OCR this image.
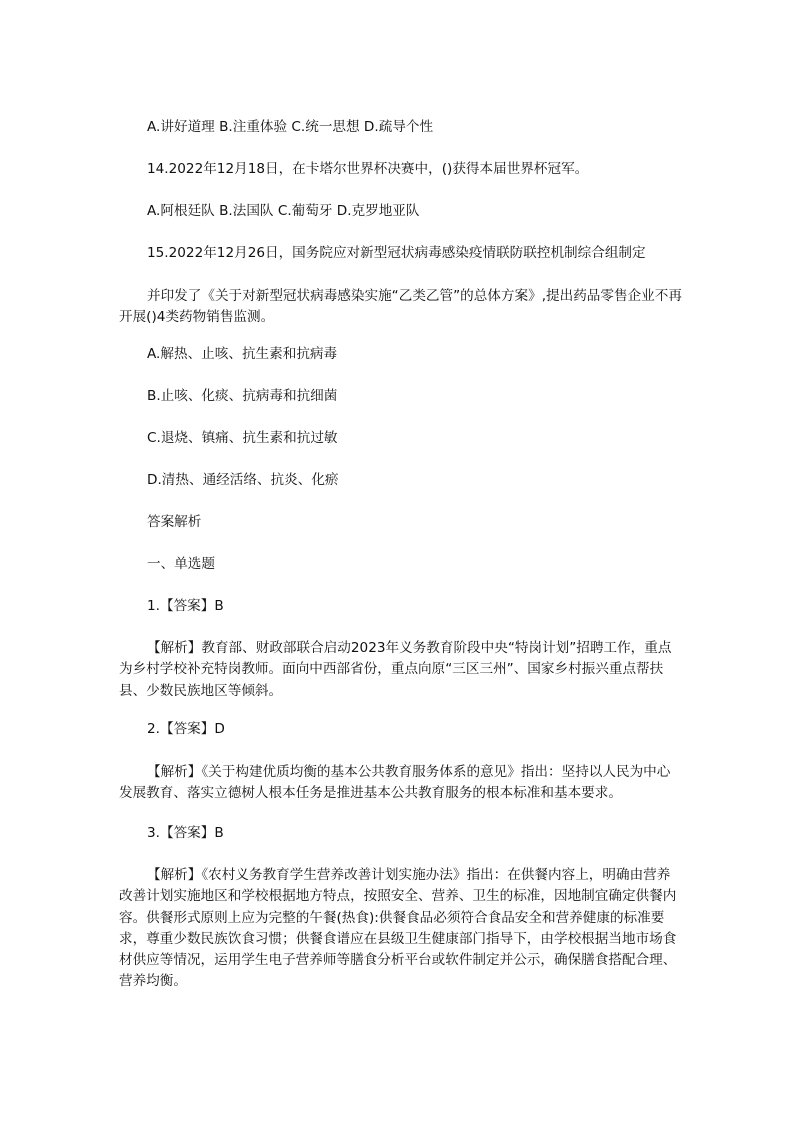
A.讲好道理 B.注重体验 C.统一思想 D.疏导个性

14.2022年12月18日，在卡塔尔世界杯决赛中，()获得本届世界杯冠军。

A.阿根廷队 B.法国队 C.葡萄牙 D.克罗地亚队

15.2022年12月26日，国务院应对新型冠状病毒感染疫情联防联控机制综合组制定

并印发了《关于对新型冠状病毒感染实施“乙类乙管”的总体方案》,提出药品零售企业不再开展()4类药物销售监测。

A.解热、止咳、抗生素和抗病毒

B.止咳、化痰、抗病毒和抗细菌

C.退烧、镇痛、抗生素和抗过敏

D.清热、通经活络、抗炎、化瘀

答案解析

一、单选题

1.【答案】B

【解析】教育部、财政部联合启动2023年义务教育阶段中央“特岗计划”招聘工作，重点为乡村学校补充特岗教师。面向中西部省份，重点向原“三区三州”、国家乡村振兴重点帮扶县、少数民族地区等倾斜。

2.【答案】D

【解析】《关于构建优质均衡的基本公共教育服务体系的意见》指出：坚持以人民为中心发展教育、落实立德树人根本任务是推进基本公共教育服务的根本标准和基本要求。

3.【答案】B

【解析】《农村义务教育学生营养改善计划实施办法》指出：在供餐内容上，明确由营养改善计划实施地区和学校根据地方特点，按照安全、营养、卫生的标准，因地制宜确定供餐内容。供餐形式原则上应为完整的午餐(热食):供餐食品必须符合食品安全和营养健康的标准要求，尊重少数民族饮食习惯；供餐食谱应在县级卫生健康部门指导下，由学校根据当地市场食材供应等情况，运用学生电子营养师等膳食分析平台或软件制定并公示，确保膳食搭配合理、营养均衡。
